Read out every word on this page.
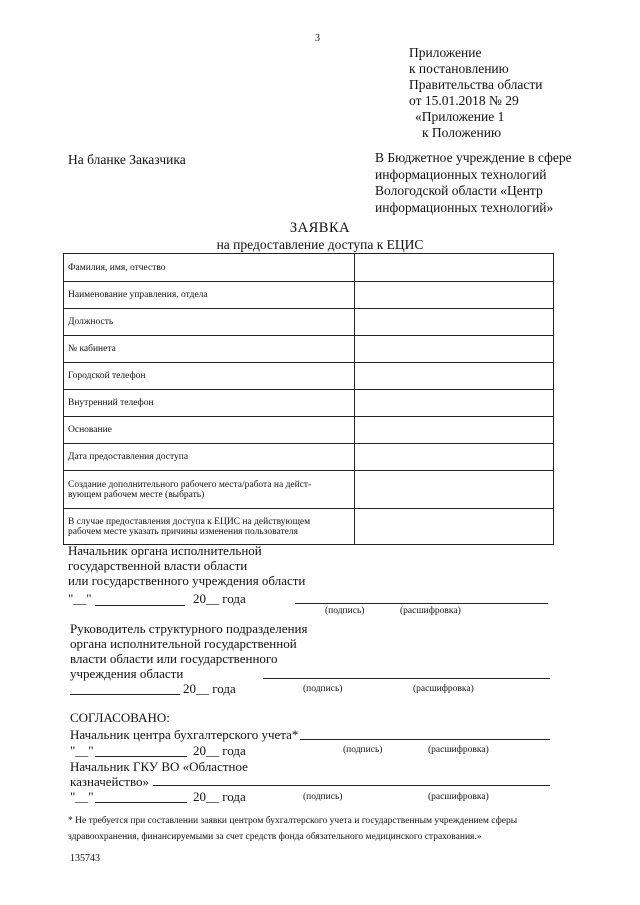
3
Приложение
к постановлению
Правительства области
от 15.01.2018 № 29
«Приложение 1
к Положению
На бланке Заказчика	В Бюджетное учреждение в сфере
информационных технологий
Вологодской области «Центр
информационных технологий»
ЗАЯВКА
на предоставление доступа к ЕЦИС
Фамилия, имя, отчество	

Наименование управления, отдела	

Должность	

№ кабинета	

Городской телефон	

Внутренний телефон	

Основание	

Дата предоставления доступа	

Создание дополнительного рабочего места/работа на дейст-
вующем рабочем месте (выбрать)	

В случае предоставления доступа к ЕЦИС на действующем
рабочем месте указать причины изменения пользователя	

Начальник органа исполнительной
государственной власти области
или государственного учреждения области
"__"	20__ года
(подпись)	(расшифровка)
Руководитель структурного подразделения
органа исполнительной государственной
власти области или государственного
учреждения области
20__ года	(подпись)	(расшифровка)
СОГЛАСОВАНО:
Начальник центра бухгалтерского учета*
"__"	20__ года	(подпись)	(расшифровка)
Начальник ГКУ ВО «Областное
казначейство»
"__"	20__ года	(подпись)	(расшифровка)
* Не требуется при составлении заявки центром бухгалтерского учета и государственным учреждением сферы
здравоохранения, финансируемыми за счет средств фонда обязательного медицинского страхования.»
135743
